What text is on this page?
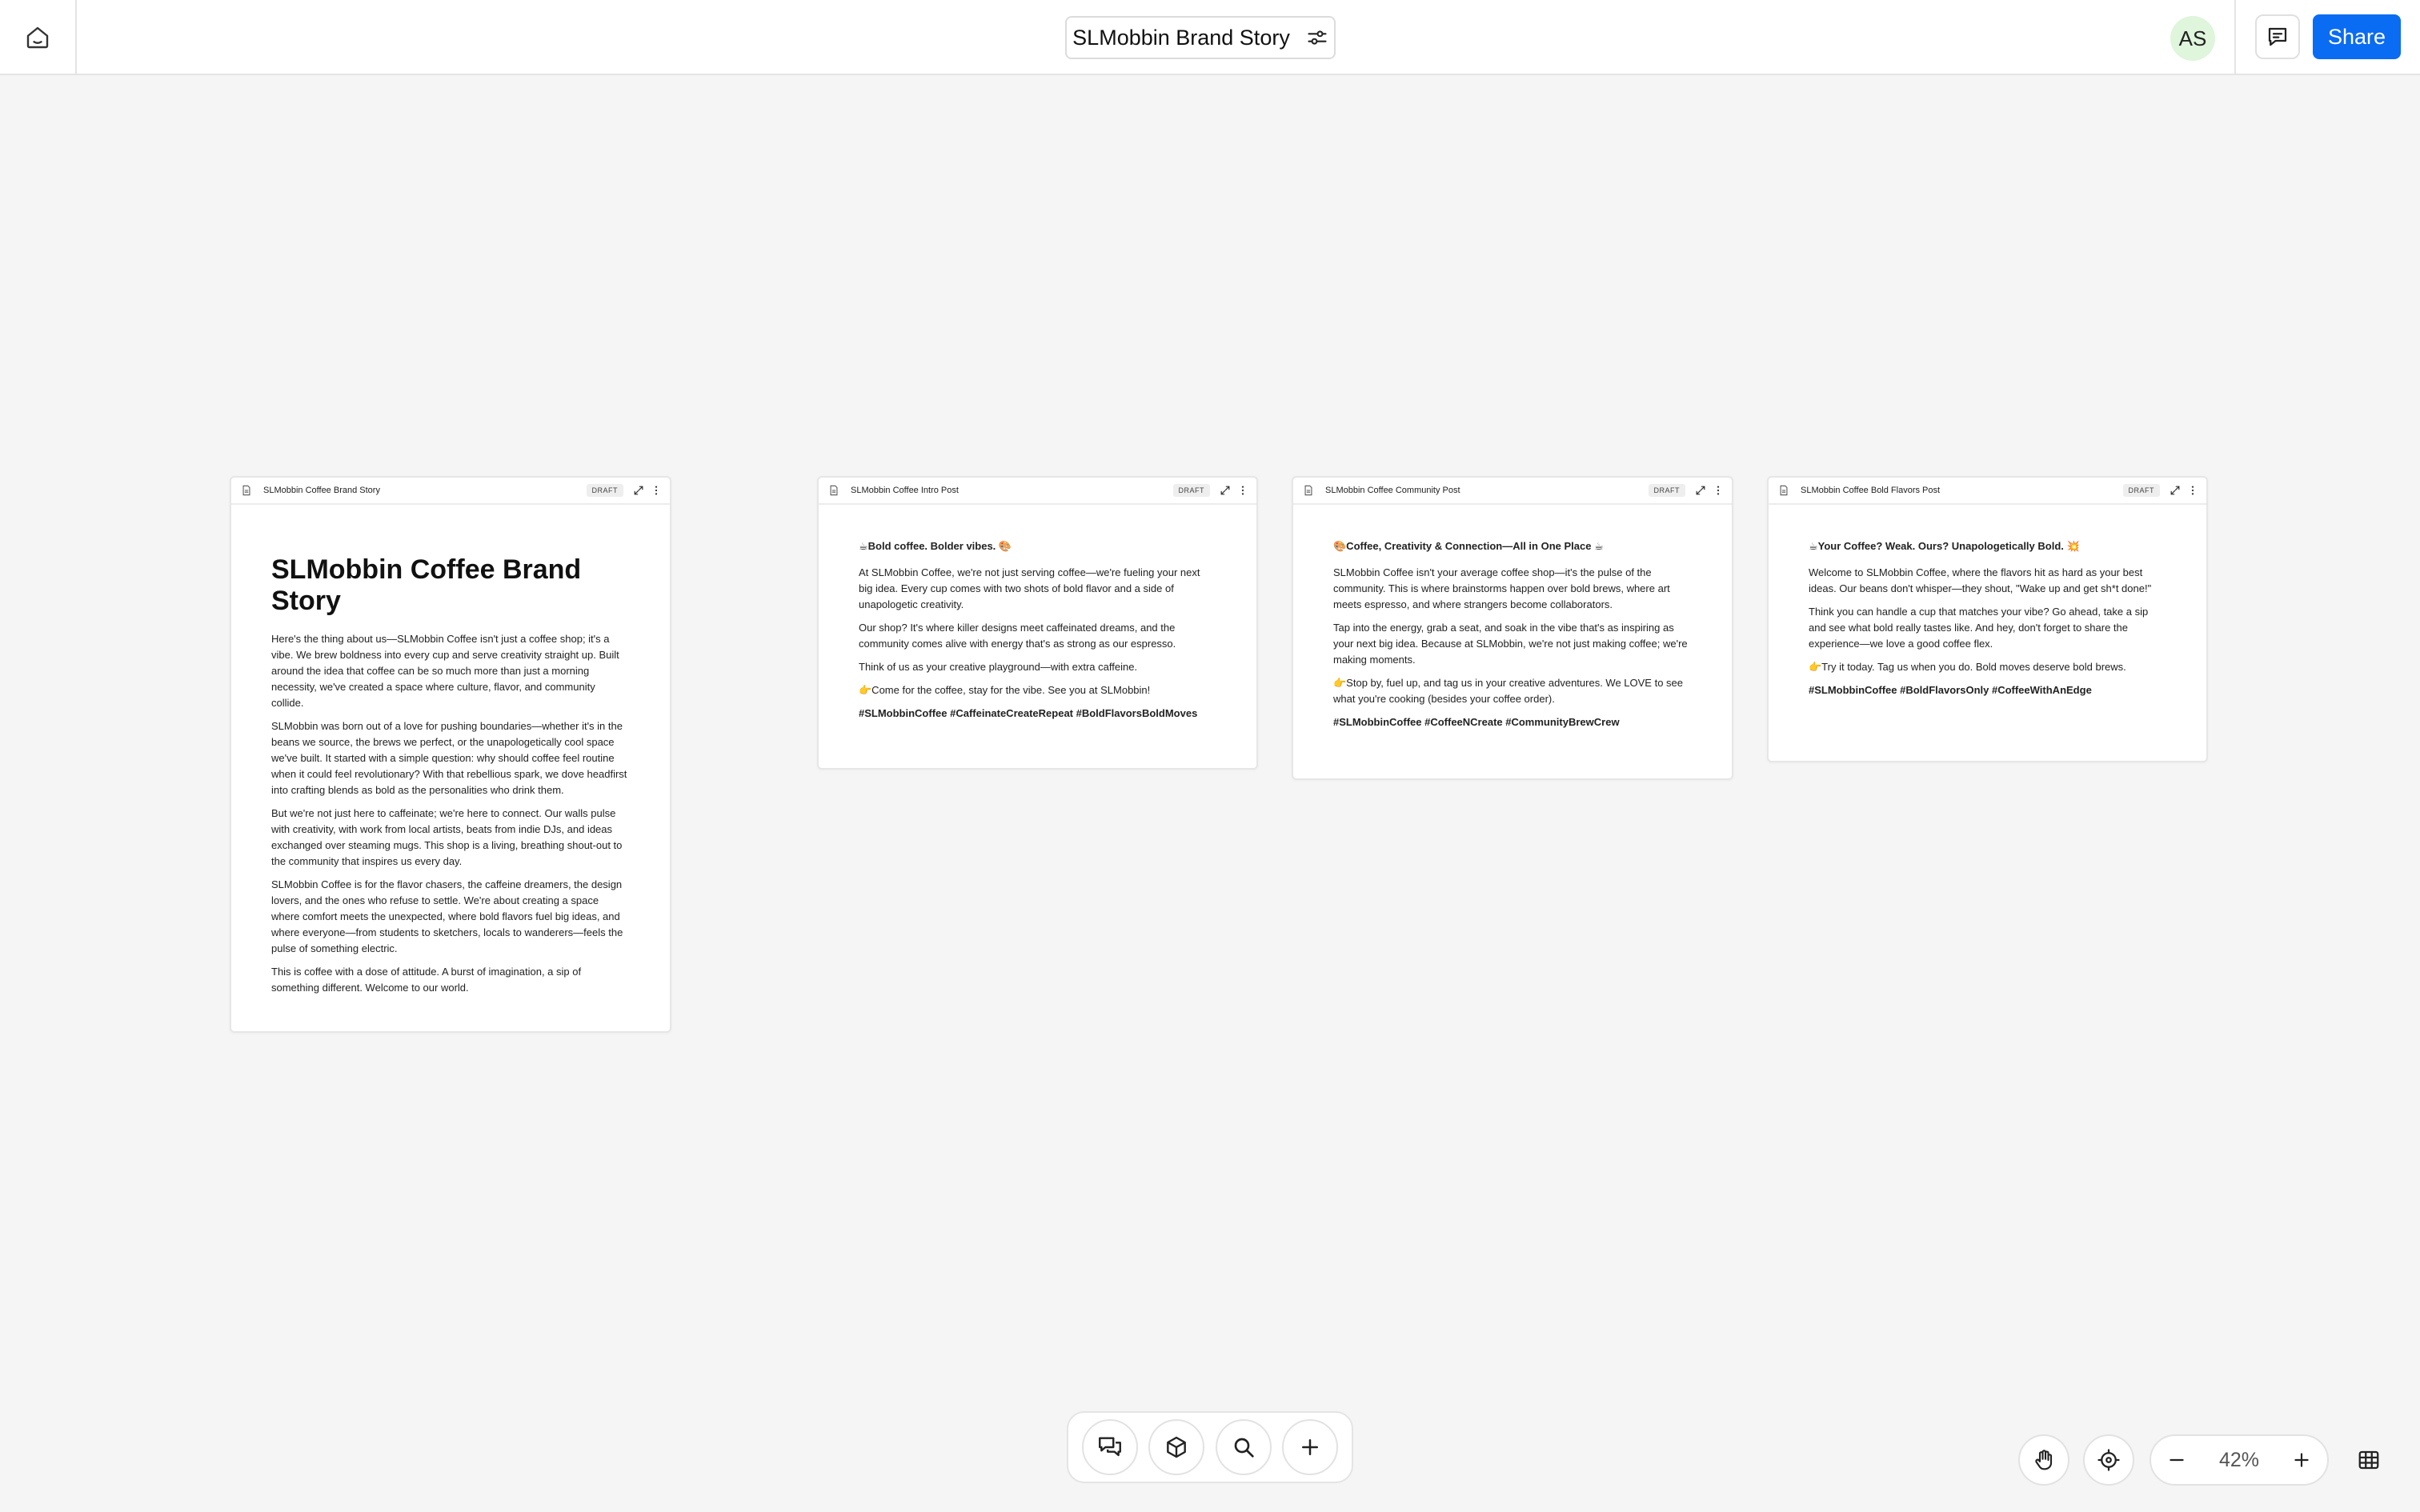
SLMobbin Brand Story	AS	Share
SLMobbin Coffee Brand Story	DRAFT
SLMobbin Coffee Brand Story

Here's the thing about us—SLMobbin Coffee isn't just a coffee shop; it's a vibe. We brew boldness into every cup and serve creativity straight up. Built around the idea that coffee can be so much more than just a morning necessity, we've created a space where culture, flavor, and community collide.

SLMobbin was born out of a love for pushing boundaries—whether it's in the beans we source, the brews we perfect, or the unapologetically cool space we've built. It started with a simple question: why should coffee feel routine when it could feel revolutionary? With that rebellious spark, we dove headfirst into crafting blends as bold as the personalities who drink them.

But we're not just here to caffeinate; we're here to connect. Our walls pulse with creativity, with work from local artists, beats from indie DJs, and ideas exchanged over steaming mugs. This shop is a living, breathing shout-out to the community that inspires us every day.

SLMobbin Coffee is for the flavor chasers, the caffeine dreamers, the design lovers, and the ones who refuse to settle. We're about creating a space where comfort meets the unexpected, where bold flavors fuel big ideas, and where everyone—from students to sketchers, locals to wanderers—feels the pulse of something electric.

This is coffee with a dose of attitude. A burst of imagination, a sip of something different. Welcome to our world.

SLMobbin Coffee Intro Post	DRAFT

☕Bold coffee. Bolder vibes. 🎨

At SLMobbin Coffee, we're not just serving coffee—we're fueling your next big idea. Every cup comes with two shots of bold flavor and a side of unapologetic creativity.

Our shop? It's where killer designs meet caffeinated dreams, and the community comes alive with energy that's as strong as our espresso.

Think of us as your creative playground—with extra caffeine.

👉Come for the coffee, stay for the vibe. See you at SLMobbin!

#SLMobbinCoffee #CaffeinateCreateRepeat #BoldFlavorsBoldMoves

SLMobbin Coffee Community Post	DRAFT

🎨Coffee, Creativity & Connection—All in One Place ☕

SLMobbin Coffee isn't your average coffee shop—it's the pulse of the community. This is where brainstorms happen over bold brews, where art meets espresso, and where strangers become collaborators.

Tap into the energy, grab a seat, and soak in the vibe that's as inspiring as your next big idea. Because at SLMobbin, we're not just making coffee; we're making moments.

👉Stop by, fuel up, and tag us in your creative adventures. We LOVE to see what you're cooking (besides your coffee order).

#SLMobbinCoffee #CoffeeNCreate #CommunityBrewCrew

SLMobbin Coffee Bold Flavors Post	DRAFT

☕Your Coffee? Weak. Ours? Unapologetically Bold. 💥

Welcome to SLMobbin Coffee, where the flavors hit as hard as your best ideas. Our beans don't whisper—they shout, "Wake up and get sh*t done!"

Think you can handle a cup that matches your vibe? Go ahead, take a sip and see what bold really tastes like. And hey, don't forget to share the experience—we love a good coffee flex.

👉Try it today. Tag us when you do. Bold moves deserve bold brews.

#SLMobbinCoffee #BoldFlavorsOnly #CoffeeWithAnEdge

42%
